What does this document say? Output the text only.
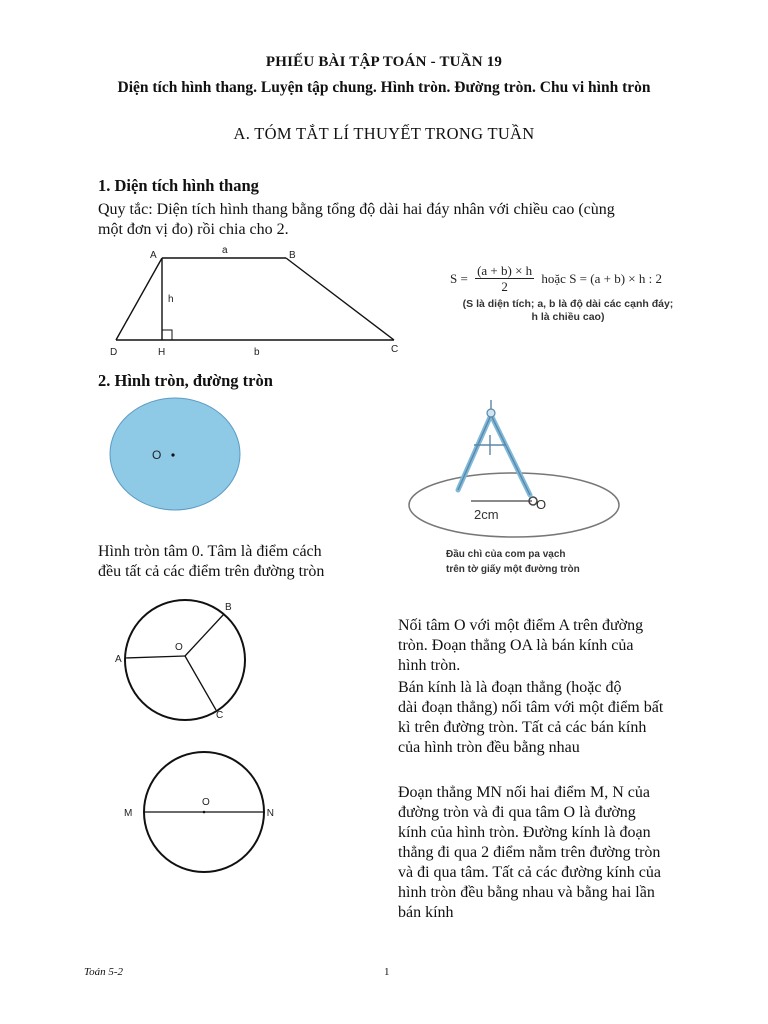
PHIẾU BÀI TẬP TOÁN - TUẦN 19
Diện tích hình thang. Luyện tập chung. Hình tròn. Đường tròn. Chu vi hình tròn
A. TÓM TẮT LÍ THUYẾT TRONG TUẦN
1. Diện tích hình thang
Quy tắc: Diện tích hình thang bằng tổng độ dài hai đáy nhân với chiều cao (cùng
một đơn vị đo) rồi chia cho 2.
A	a	B
h
D	H	b	C
$S = \frac{(a + b) \times h}{2}$ hoặc S = (a + b) × h : 2
(S là diện tích; a, b là độ dài các cạnh đáy;
h là chiều cao)
2. Hình tròn, đường tròn
O
2cm
O
Hình tròn tâm 0. Tâm là điểm cách
đều tất cả các điểm trên đường tròn
Đầu chì của com pa vạch
trên tờ giấy một đường tròn
A
B
C
O
Nối tâm O với một điểm A trên đường
tròn. Đoạn thẳng OA là bán kính của
hình tròn.
Bán kính là là đoạn thẳng (hoặc độ
dài đoạn thẳng) nối tâm với một điểm bất
kì trên đường tròn. Tất cả các bán kính
của hình tròn đều bằng nhau
M	N
O
Đoạn thẳng MN nối hai điểm M, N của
đường tròn và đi qua tâm O là đường
kính của hình tròn. Đường kính là đoạn
thẳng đi qua 2 điểm nằm trên đường tròn
và đi qua tâm. Tất cả các đường kính của
hình tròn đều bằng nhau và bằng hai lần
bán kính
Toán 5-2	1
